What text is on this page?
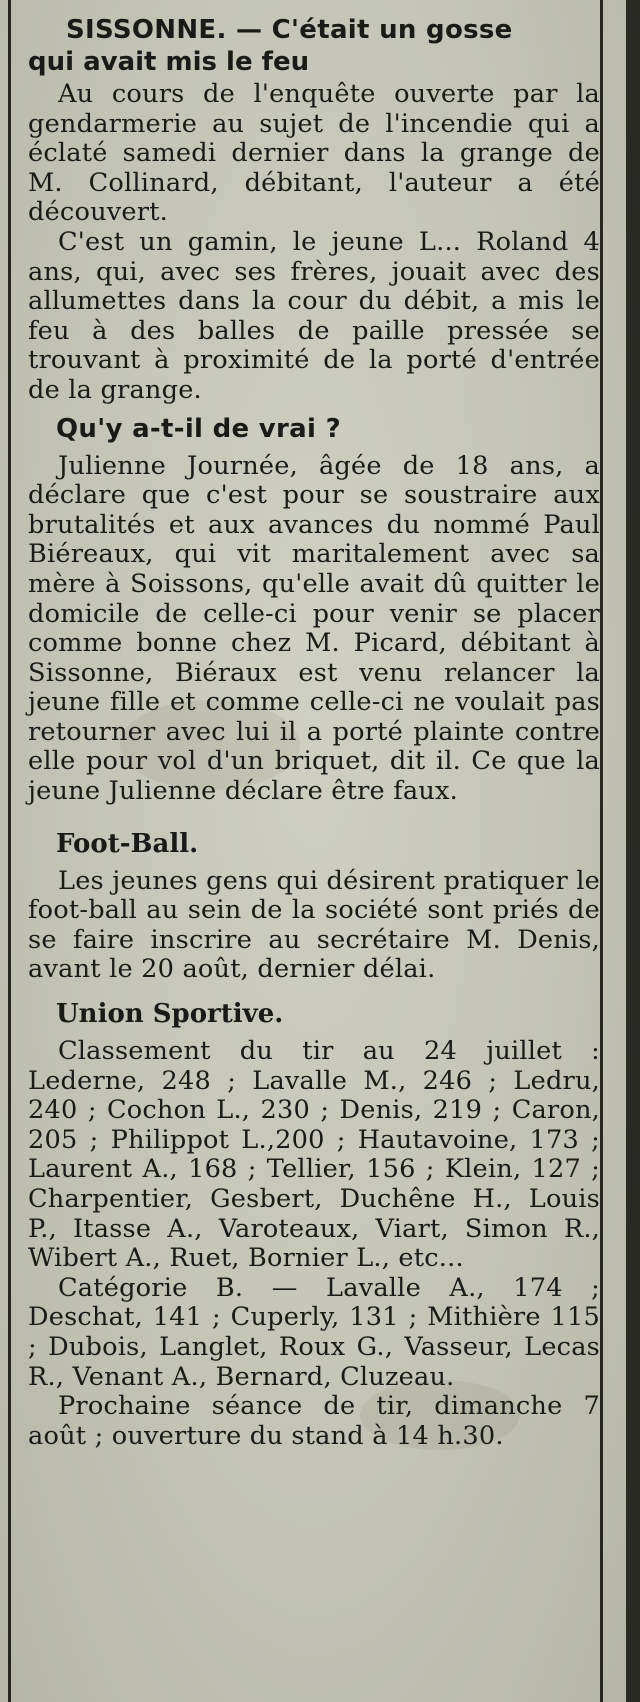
SISSONNE. — C'était un gosse
qui avait mis le feu

Au cours de l'enquête ouverte par la gendarmerie au sujet de l'incendie qui a éclaté samedi dernier dans la grange de M. Collinard, débitant, l'auteur a été découvert.

C'est un gamin, le jeune L... Roland 4 ans, qui, avec ses frères, jouait avec des allumettes dans la cour du débit, a mis le feu à des balles de paille pressée se trouvant à proximité de la porté d'entrée de la grange.

Qu'y a-t-il de vrai ?

Julienne Journée, âgée de 18 ans, a déclare que c'est pour se soustraire aux brutalités et aux avances du nommé Paul Biéreaux, qui vit maritalement avec sa mère à Soissons, qu'elle avait dû quitter le domicile de celle-ci pour venir se placer comme bonne chez M. Picard, débitant à Sissonne, Biéraux est venu relancer la jeune fille et comme celle-ci ne voulait pas retourner avec lui il a porté plainte contre elle pour vol d'un briquet, dit il. Ce que la jeune Julienne déclare être faux.

Foot-Ball.

Les jeunes gens qui désirent pratiquer le foot-ball au sein de la société sont priés de se faire inscrire au secrétaire M. Denis, avant le 20 août, dernier délai.

Union Sportive.

Classement du tir au 24 juillet : Lederne, 248 ; Lavalle M., 246 ; Ledru, 240 ; Cochon L., 230 ; Denis, 219 ; Caron, 205 ; Philippot L.,200 ; Hautavoine, 173 ; Laurent A., 168 ; Tellier, 156 ; Klein, 127 ; Charpentier, Gesbert, Duchêne H., Louis P., Itasse A., Varoteaux, Viart, Simon R., Wibert A., Ruet, Bornier L., etc...

Catégorie B. — Lavalle A., 174 ; Deschat, 141 ; Cuperly, 131 ; Mithière 115 ; Dubois, Langlet, Roux G., Vasseur, Lecas R., Venant A., Bernard, Cluzeau.

Prochaine séance de tir, dimanche 7 août ; ouverture du stand à 14 h.30.
